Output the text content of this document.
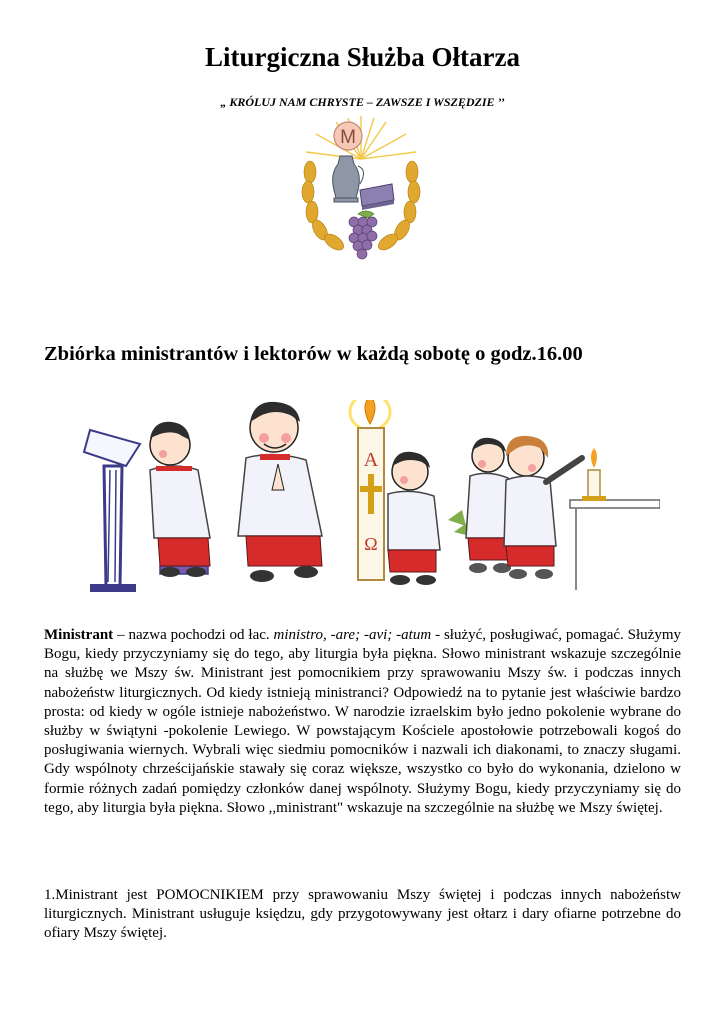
Liturgiczna Służba Ołtarza

„ KRÓLUJ NAM CHRYSTE – ZAWSZE I WSZĘDZIE ’’

M
Zbiórka ministrantów i lektorów w każdą sobotę o godz.16.00
A
Ω

Ministrant – nazwa pochodzi od łac. ministro, -are; -avi; -atum - służyć, posługiwać, pomagać. Służymy Bogu, kiedy przyczyniamy się do tego, aby liturgia była piękna. Słowo ministrant wskazuje szczególnie na służbę we Mszy św. Ministrant jest pomocnikiem przy sprawowaniu Mszy św. i podczas innych nabożeństw liturgicznych. Od kiedy istnieją ministranci? Odpowiedź na to pytanie jest właściwie bardzo prosta: od kiedy w ogóle istnieje nabożeństwo. W narodzie izraelskim było jedno pokolenie wybrane do służby w świątyni -pokolenie Lewiego. W powstającym Kościele apostołowie potrzebowali kogoś do posługiwania wiernych. Wybrali więc siedmiu pomocników i nazwali ich diakonami, to znaczy sługami. Gdy wspólnoty chrześcijańskie stawały się coraz większe, wszystko co było do wykonania, dzielono w formie różnych zadań pomiędzy członków danej wspólnoty. Służymy Bogu, kiedy przyczyniamy się do tego, aby liturgia była piękna. Słowo ,,ministrant" wskazuje na szczególnie na służbę we Mszy świętej.

1.Ministrant jest POMOCNIKIEM przy sprawowaniu Mszy świętej i podczas innych nabożeństw liturgicznych. Ministrant usługuje księdzu, gdy przygotowywany jest ołtarz i dary ofiarne potrzebne do ofiary Mszy świętej.
